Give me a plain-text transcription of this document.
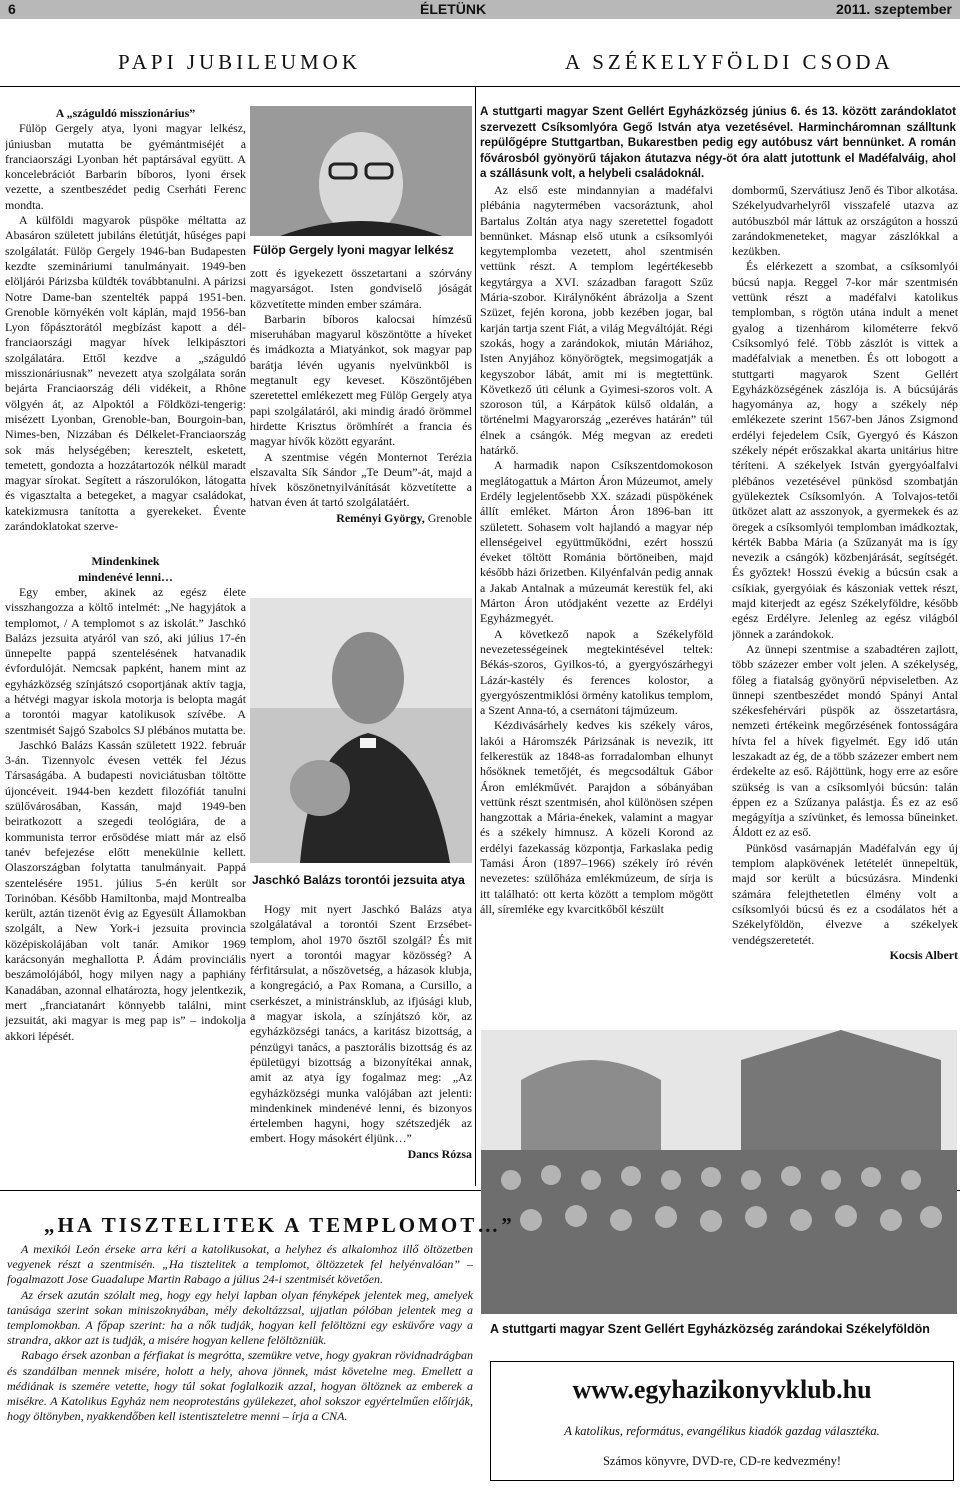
6	ÉLETÜNK	2011. szeptember
PAPI JUBILEUMOK	A SZÉKELYFÖLDI CSODA

A „száguldó misszionárius”

Fülöp Gergely atya, lyoni magyar lelkész, júniusban mutatta be gyémántmiséjét a franciaországi Lyonban hét paptársával együtt. A koncelebrációt Barbarin bíboros, lyoni érsek vezette, a szentbeszédet pedig Cserháti Ferenc mondta.

A külföldi magyarok püspöke méltatta az Abasáron született jubiláns életútját, hűséges papi szolgálatát. Fülöp Gergely 1946-ban Budapesten kezdte szemináriumi tanulmányait. 1949-ben elöljárói Párizsba küldték továbbtanulni. A párizsi Notre Dame-ban szentelték pappá 1951-ben. Grenoble környékén volt káplán, majd 1956-ban Lyon főpásztorától megbízást kapott a dél-franciaországi magyar hívek lelkipásztori szolgálatára. Ettől kezdve a „száguldó misszionáriusnak” nevezett atya szolgálata során bejárta Franciaország déli vidékeit, a Rhône völgyén át, az Alpoktól a Földközi-tengerig: misézett Lyonban, Grenoble-ban, Bourgoin-ban, Nimes-ben, Nizzában és Délkelet-Franciaország sok más helységében; keresztelt, esketett, temetett, gondozta a hozzátartozók nélkül maradt magyar sírokat. Segített a rászorulókon, látogatta és vigasztalta a betegeket, a magyar családokat, katekizmusra tanította a gyerekeket. Évente zarándoklatokat szerve-

Mindenkinek

mindenévé lenni…

Egy ember, akinek az egész élete visszhangozza a költő intelmét: „Ne hagyjátok a templomot, / A templomot s az iskolát.” Jaschkó Balázs jezsuita atyáról van szó, aki július 17-én ünnepelte pappá szentelésének hatvanadik évfordulóját. Nemcsak papként, hanem mint az egyházközség színjátszó csoportjának aktív tagja, a hétvégi magyar iskola motorja is belopta magát a torontói magyar katolikusok szívébe. A szentmisét Sajgó Szabolcs SJ plébános mutatta be.

Jaschkó Balázs Kassán született 1922. február 3-án. Tizennyolc évesen vették fel Jézus Társaságába. A budapesti noviciátusban töltötte újoncéveit. 1944-ben kezdett filozófiát tanulni szülővárosában, Kassán, majd 1949-ben beiratkozott a szegedi teológiára, de a kommunista terror erősödése miatt már az első tanév befejezése előtt menekülnie kellett. Olaszországban folytatta tanulmányait. Pappá szentelésére 1951. július 5-én került sor Torinóban. Később Hamiltonba, majd Montrealba került, aztán tizenöt évig az Egyesült Államokban szolgált, a New York-i jezsuita provincia középiskolájában volt tanár. Amikor 1969 karácsonyán meghallotta P. Ádám provinciális beszámolójából, hogy milyen nagy a paphiány Kanadában, azonnal elhatározta, hogy jelentkezik, mert „franciatanárt könnyebb találni, mint jezsuitát, aki magyar is meg pap is” – indokolja akkori lépését.

Fülöp Gergely lyoni magyar lelkész

zott és igyekezett összetartani a szórvány magyarságot. Isten gondviselő jóságát közvetítette minden ember számára.

Barbarin bíboros kalocsai hímzésű miseruhában magyarul köszöntötte a híveket és imádkozta a Miatyánkot, sok magyar pap barátja lévén ugyanis nyelvünkből is megtanult egy keveset. Köszöntőjében szeretettel emlékezett meg Fülöp Gergely atya papi szolgálatáról, aki mindig áradó örömmel hirdette Krisztus örömhírét a francia és magyar hívők között egyaránt.

A szentmise végén Monternot Terézia elszavalta Sík Sándor „Te Deum”-át, majd a hívek köszönetnyilvánítását közvetítette a hatvan éven át tartó szolgálatáért.

Reményi György, Grenoble

Jaschkó Balázs torontói jezsuita atya

Hogy mit nyert Jaschkó Balázs atya szolgálatával a torontói Szent Erzsébet-templom, ahol 1970 ősztől szolgál? És mit nyert a torontói magyar közösség? A férfitársulat, a nőszövetség, a házasok klubja, a kongregáció, a Pax Romana, a Cursillo, a cserkészet, a ministránsklub, az ifjúsági klub, a magyar iskola, a színjátszó kör, az egyházközségi tanács, a karitász bizottság, a pénzügyi tanács, a pasztorális bizottság és az épületügyi bizottság a bizonyítékai annak, amit az atya így fogalmaz meg: „Az egyházközségi munka valójában azt jelenti: mindenkinek mindenévé lenni, és bizonyos értelemben hagyni, hogy szétszedjék az embert. Hogy másokért éljünk…”

Dancs Rózsa

A stuttgarti magyar Szent Gellért Egyházközség június 6. és 13. között zarándoklatot szervezett Csíksomlyóra Gegő István atya vezetésével. Harmincháromnan szálltunk repülőgépre Stuttgartban, Bukarestben pedig egy autóbusz várt bennünket. A román fővárosból gyönyörű tájakon átutazva négy-öt óra alatt jutottunk el Madéfalváig, ahol a szállásunk volt, a helybeli családoknál.

Az első este mindannyian a madéfalvi plébánia nagytermében vacsoráztunk, ahol Bartalus Zoltán atya nagy szeretettel fogadott bennünket. Másnap első utunk a csíksomlyói kegytemplomba vezetett, ahol szentmisén vettünk részt. A templom legértékesebb kegytárgya a XVI. században faragott Szűz Mária-szobor. Királynőként ábrázolja a Szent Szüzet, fején korona, jobb kezében jogar, bal karján tartja szent Fiát, a világ Megváltóját. Régi szokás, hogy a zarándokok, miután Máriához, Isten Anyjához könyörögtek, megsimogatják a kegyszobor lábát, amit mi is megtettünk. Következő úti célunk a Gyimesi-szoros volt. A szoroson túl, a Kárpátok külső oldalán, a történelmi Magyarország „ezeréves határán” túl élnek a csángók. Még megvan az eredeti határkő.

A harmadik napon Csíkszentdomokoson meglátogattuk a Márton Áron Múzeumot, amely Erdély legjelentősebb XX. századi püspökének állít emléket. Márton Áron 1896-ban itt született. Sohasem volt hajlandó a magyar nép ellenségeivel együttműködni, ezért hosszú éveket töltött Románia börtöneiben, majd később házi őrizetben. Kilyénfalván pedig annak a Jakab Antalnak a múzeumát kerestük fel, aki Márton Áron utódjaként vezette az Erdélyi Egyházmegyét.

A következő napok a Székelyföld nevezetességeinek megtekintésével teltek: Békás-szoros, Gyilkos-tó, a gyergyószárhegyi Lázár-kastély és ferences kolostor, a gyergyószentmiklósi örmény katolikus templom, a Szent Anna-tó, a csernátoni tájmúzeum.

Kézdivásárhely kedves kis székely város, lakói a Háromszék Párizsának is nevezik, itt felkerestük az 1848-as forradalomban elhunyt hősöknek temetőjét, és megcsodáltuk Gábor Áron emlékművét. Parajdon a sóbányában vettünk részt szentmisén, ahol különösen szépen hangzottak a Mária-énekek, valamint a magyar és a székely himnusz. A közeli Korond az erdélyi fazekasság központja, Farkaslaka pedig Tamási Áron (1897–1966) székely író révén nevezetes: szülőháza emlékmúzeum, de sírja is itt található: ott kerta között a templom mögött áll, síremléke egy kvarcitkőből készült

dombormű, Szervátiusz Jenő és Tibor alkotása. Székelyudvarhelyről visszafelé utazva az autóbuszból már láttuk az országúton a hosszú zarándokmeneteket, magyar zászlókkal a kezükben.

És elérkezett a szombat, a csíksomlyói búcsú napja. Reggel 7-kor már szentmisén vettünk részt a madéfalvi katolikus templomban, s rögtön utána indult a menet gyalog a tizenhárom kilométerre fekvő Csíksomlyó felé. Több zászlót is vittek a madéfalviak a menetben. És ott lobogott a stuttgarti magyarok Szent Gellért Egyházközségének zászlója is. A búcsújárás hagyománya az, hogy a székely nép emlékezete szerint 1567-ben János Zsigmond erdélyi fejedelem Csík, Gyergyó és Kászon székely népét erőszakkal akarta unitárius hitre téríteni. A székelyek István gyergyóalfalvi plébános vezetésével pünkösd szombatján gyülekeztek Csíksomlyón. A Tolvajos-tetői ütközet alatt az asszonyok, a gyermekek és az öregek a csíksomlyói templomban imádkoztak, kérték Babba Mária (a Szűzanyát ma is így nevezik a csángók) közbenjárását, segítségét. És győztek! Hosszú évekig a búcsún csak a csíkiak, gyergyóiak és kászoniak vettek részt, majd kiterjedt az egész Székelyföldre, később egész Erdélyre. Jelenleg az egész világból jönnek a zarándokok.

Az ünnepi szentmise a szabadtéren zajlott, több százezer ember volt jelen. A székelység, főleg a fiatalság gyönyörű népviseletben. Az ünnepi szentbeszédet mondó Spányi Antal székesfehérvári püspök az összetartásra, nemzeti értékeink megőrzésének fontosságára hívta fel a hívek figyelmét. Egy idő után leszakadt az ég, de a több százezer embert nem érdekelte az eső. Rájöttünk, hogy erre az esőre szükség is van a csíksomlyói búcsún: talán éppen ez a Szűzanya palástja. És ez az eső megágyítja a szívünket, és lemossa bűneinket. Áldott ez az eső.

Pünkösd vasárnapján Madéfalván egy új templom alapkövének letételét ünnepeltük, majd sor került a búcsúzásra. Mindenki számára felejthetetlen élmény volt a csíksomlyói búcsú és ez a csodálatos hét a Székelyföldön, élvezve a székelyek vendégszeretetét.

Kocsis Albert

A stuttgarti magyar Szent Gellért Egyházközség zarándokai Székelyföldön
„HA TISZTELITEK A TEMPLOMOT…”

A mexikói León érseke arra kéri a katolikusokat, a helyhez és alkalomhoz illő öltözetben vegyenek részt a szentmisén. „Ha tisztelitek a templomot, öltözzetek fel helyénvalóan” – fogalmazott Jose Guadalupe Martin Rabago a július 24-i szentmisét követően.

Az érsek azután szólalt meg, hogy egy helyi lapban olyan fényképek jelentek meg, amelyek tanúsága szerint sokan miniszoknyában, mély dekoltázzsal, ujjatlan pólóban jelentek meg a templomokban. A főpap szerint: ha a nők tudják, hogyan kell felöltözni egy esküvőre vagy a strandra, akkor azt is tudják, a misére hogyan kellene felöltözniük.

Rabago érsek azonban a férfiakat is megrótta, szemükre vetve, hogy gyakran rövidnadrágban és szandálban mennek misére, holott a hely, ahova jönnek, mást követelne meg. Emellett a médiának is szemére vetette, hogy túl sokat foglalkozik azzal, hogyan öltöznek az emberek a misékre. A Katolikus Egyház nem neoprotestáns gyülekezet, ahol sokszor egyértelműen előírják, hogy öltönyben, nyakkendőben kell istentiszteletre menni – írja a CNA.

www.egyhazikonyvklub.hu
A katolikus, református, evangélikus kiadók gazdag választéka.
Számos könyvre, DVD-re, CD-re kedvezmény!
